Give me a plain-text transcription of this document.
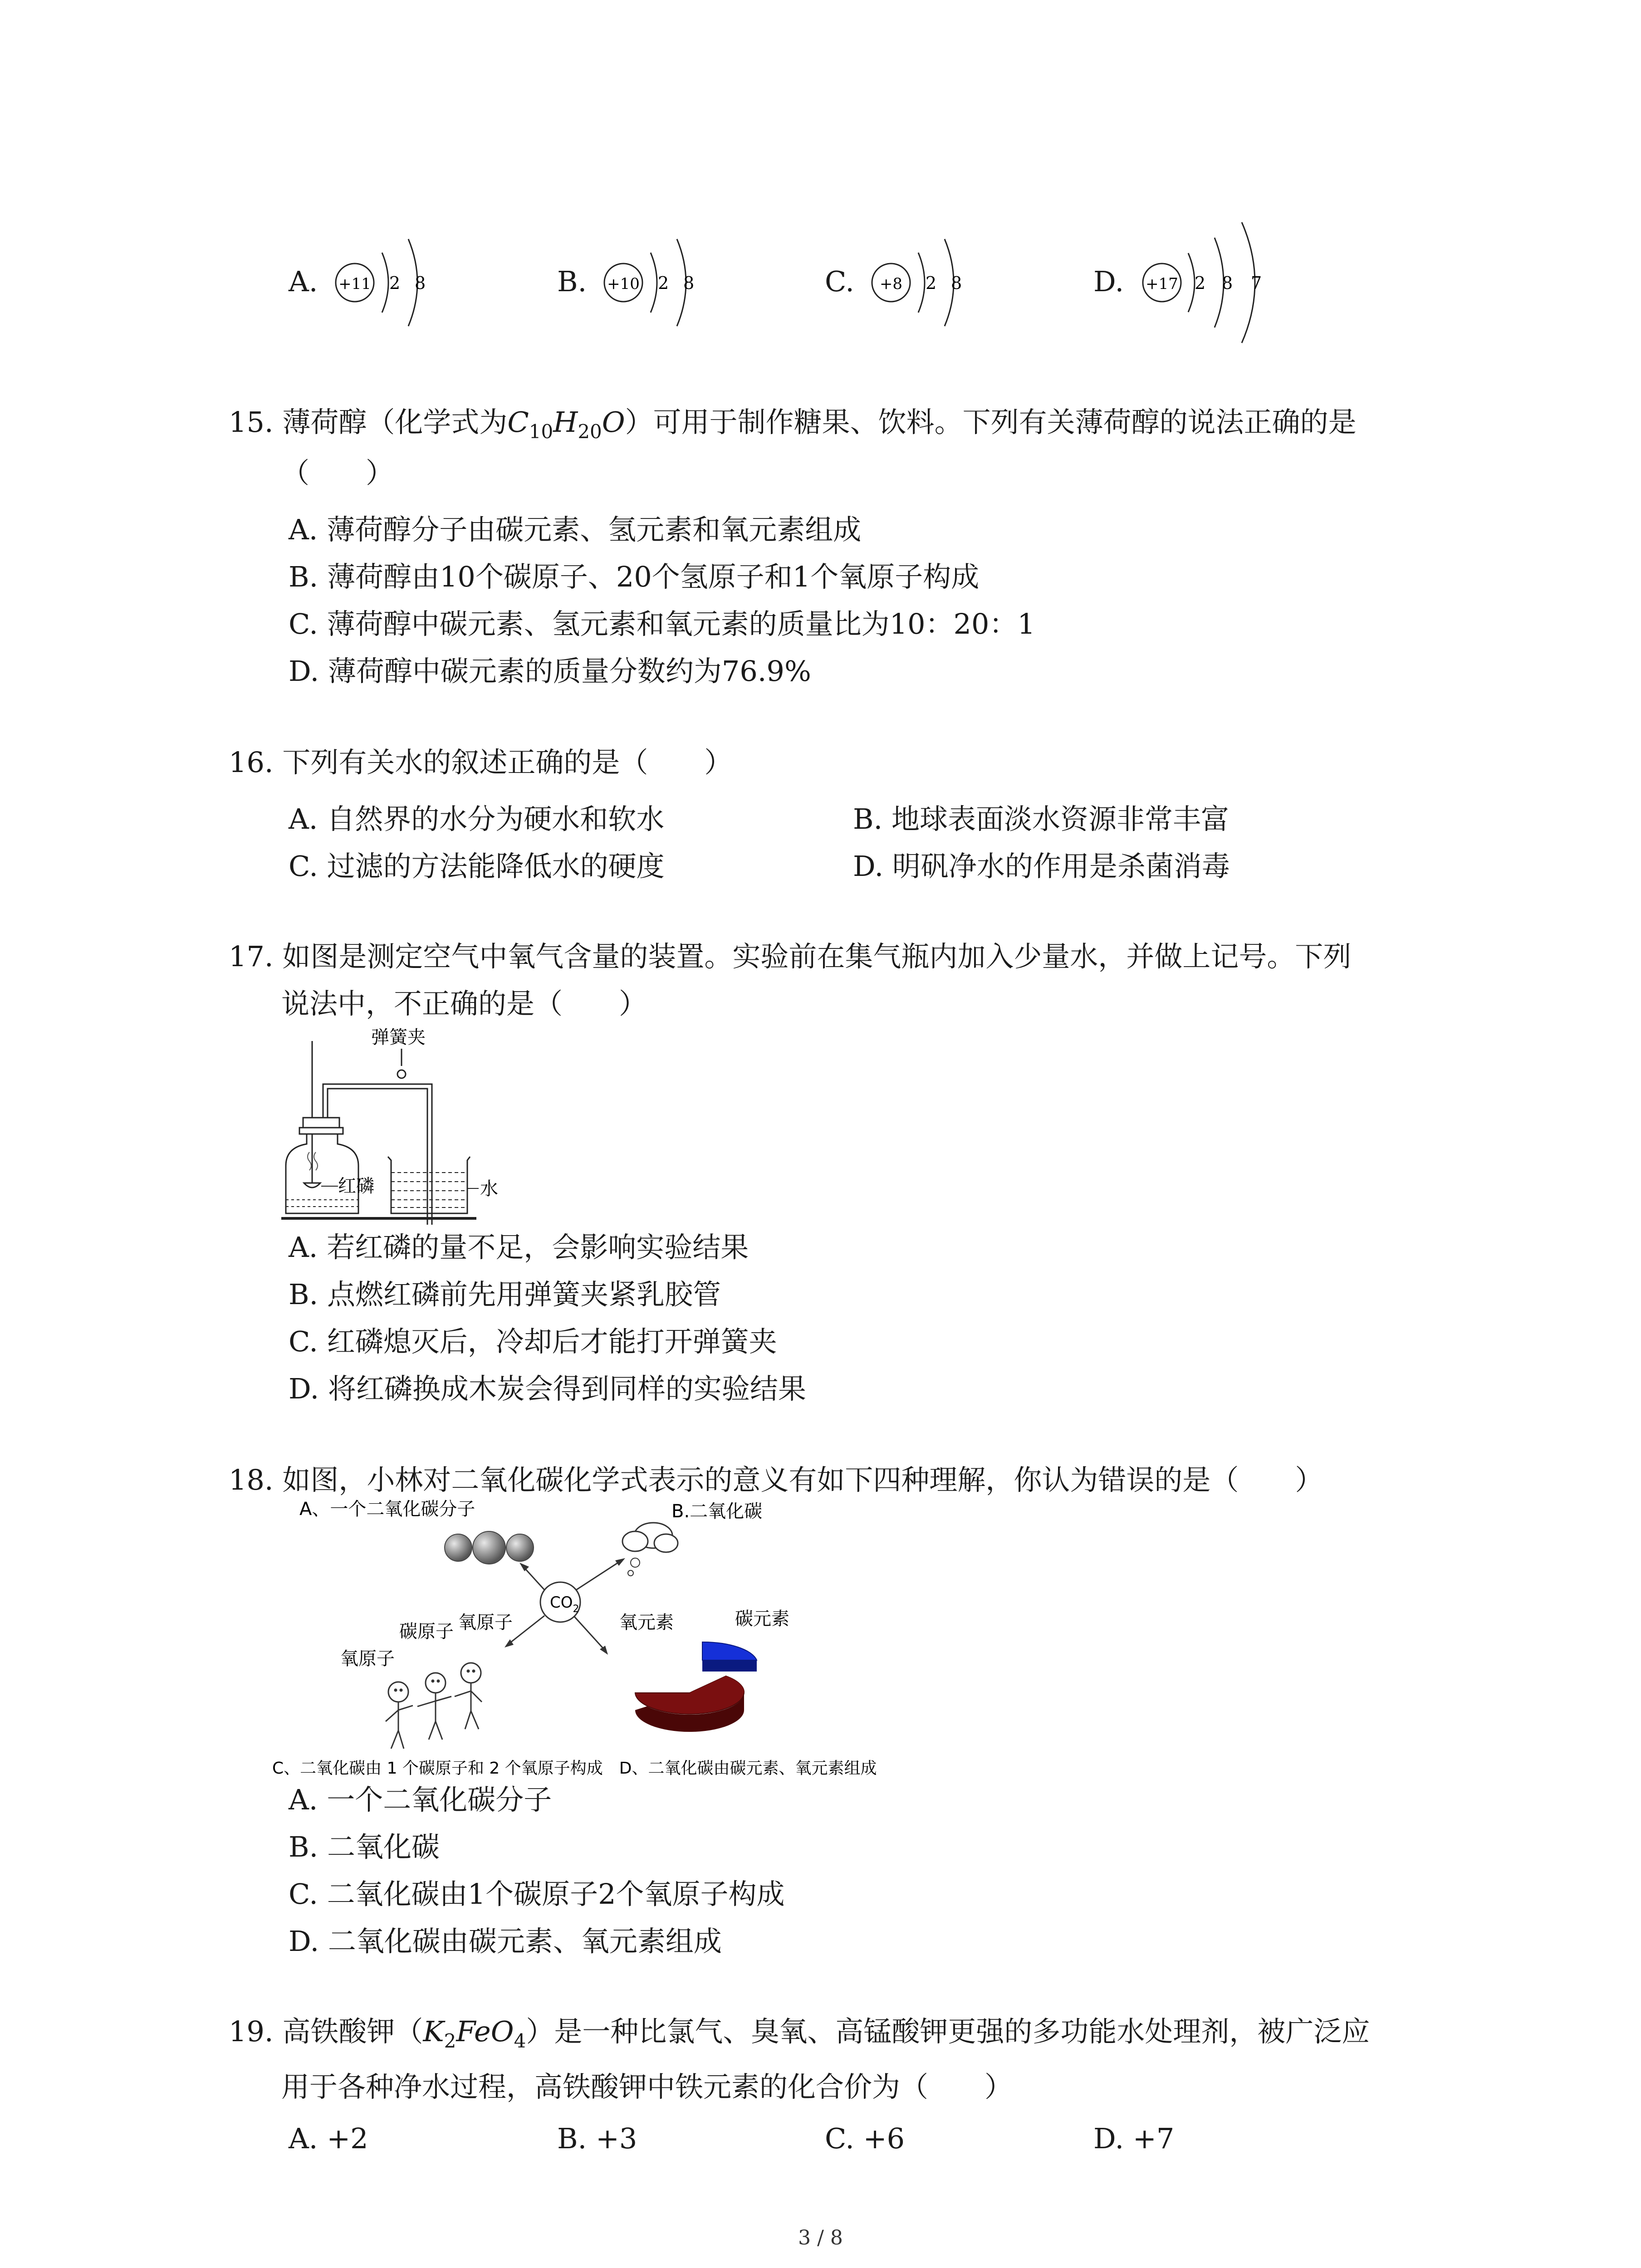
A. +11 2 8	B. +10 2 8	C. +8 2 8	D. +17 2 8 7
15. 薄荷醇（化学式为$C_{10}H_{20}O$）可用于制作糖果、饮料。下列有关薄荷醇的说法正确的是
（　　）
A. 薄荷醇分子由碳元素、氢元素和氧元素组成
B. 薄荷醇由10个碳原子、20个氢原子和1个氧原子构成
C. 薄荷醇中碳元素、氢元素和氧元素的质量比为10：20：1
D. 薄荷醇中碳元素的质量分数约为76.9%
16. 下列有关水的叙述正确的是（　　）
A. 自然界的水分为硬水和软水	B. 地球表面淡水资源非常丰富
C. 过滤的方法能降低水的硬度	D. 明矾净水的作用是杀菌消毒
17. 如图是测定空气中氧气含量的装置。实验前在集气瓶内加入少量水，并做上记号。下列
说法中，不正确的是（　　）
弹簧夹
红磷	水
A. 若红磷的量不足，会影响实验结果
B. 点燃红磷前先用弹簧夹紧乳胶管
C. 红磷熄灭后，冷却后才能打开弹簧夹
D. 将红磷换成木炭会得到同样的实验结果
18. 如图，小林对二氧化碳化学式表示的意义有如下四种理解，你认为错误的是（　　）
A、一个二氧化碳分子	B.二氧化碳
$CO_2$
碳原子 氧原子
氧原子
氧元素	碳元素
C、二氧化碳由 1 个碳原子和 2 个氧原子构成　D、二氧化碳由碳元素、氧元素组成
A. 一个二氧化碳分子
B. 二氧化碳
C. 二氧化碳由1个碳原子2个氧原子构成
D. 二氧化碳由碳元素、氧元素组成
19. 高铁酸钾$(K_2FeO_4)$是一种比氯气、臭氧、高锰酸钾更强的多功能水处理剂，被广泛应
用于各种净水过程，高铁酸钾中铁元素的化合价为（　　）
A. +2	B. +3	C. +6	D. +7
3 / 8
